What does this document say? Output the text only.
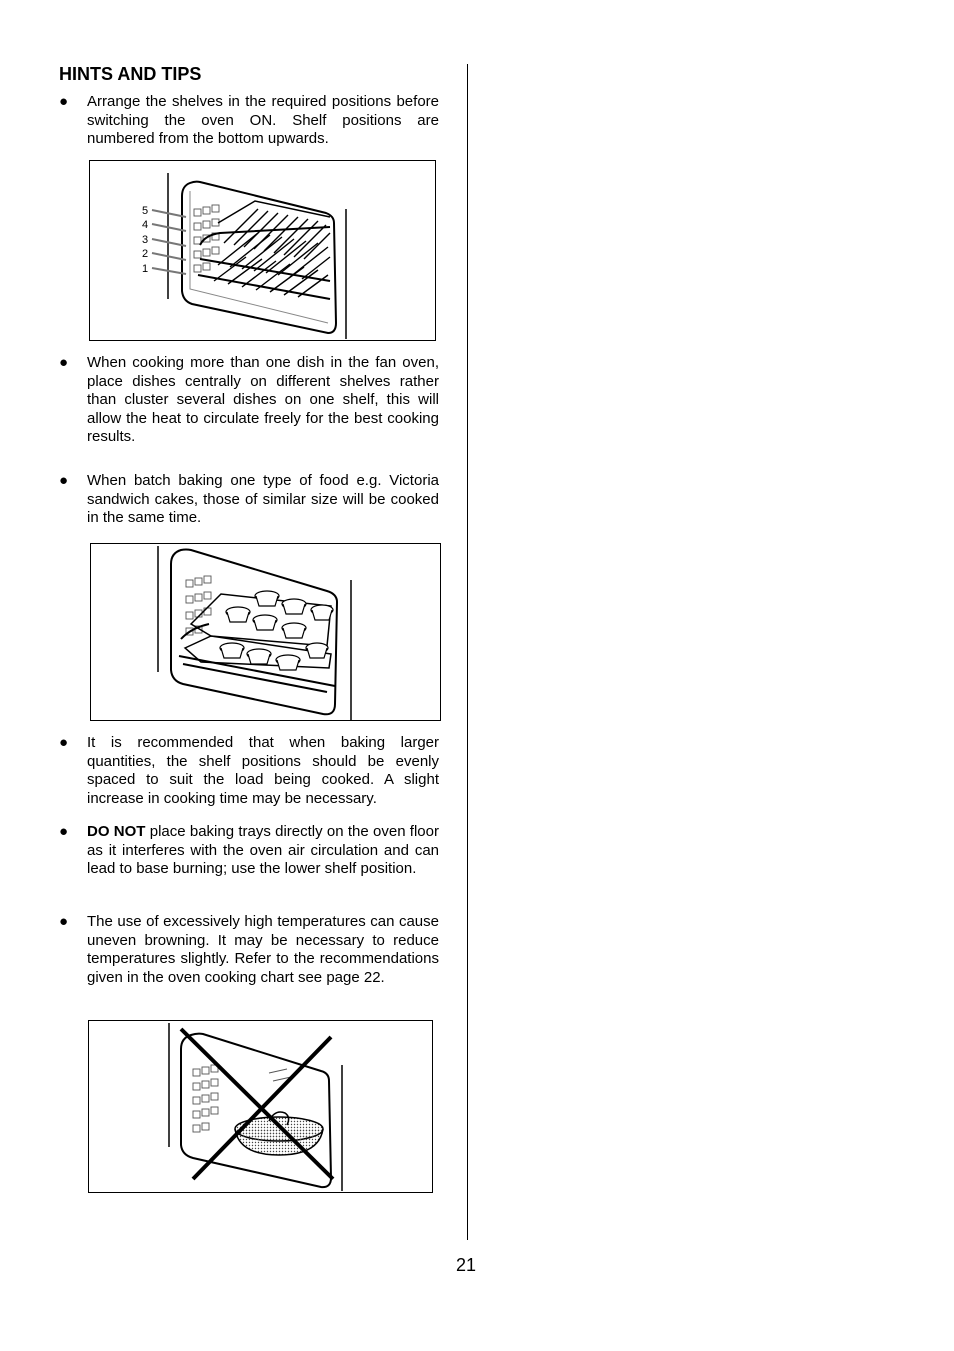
HINTS AND TIPS
● Arrange the shelves in the required positions before switching the oven ON. Shelf positions are numbered from the bottom upwards.
5
4
3
2
1
● When cooking more than one dish in the fan oven, place dishes centrally on different shelves rather than cluster several dishes on one shelf, this will allow the heat to circulate freely for the best cooking results.
● When batch baking one type of food e.g. Victoria sandwich cakes, those of similar size will be cooked in the same time.
● It is recommended that when baking larger quantities, the shelf positions should be evenly spaced to suit the load being cooked. A slight increase in cooking time may be necessary.
● DO NOT place baking trays directly on the oven floor as it interferes with the oven air circulation and can lead to base burning; use the lower shelf position.
● The use of excessively high temperatures can cause uneven browning. It may be necessary to reduce temperatures slightly. Refer to the recommendations given in the oven cooking chart see page 22.
21
